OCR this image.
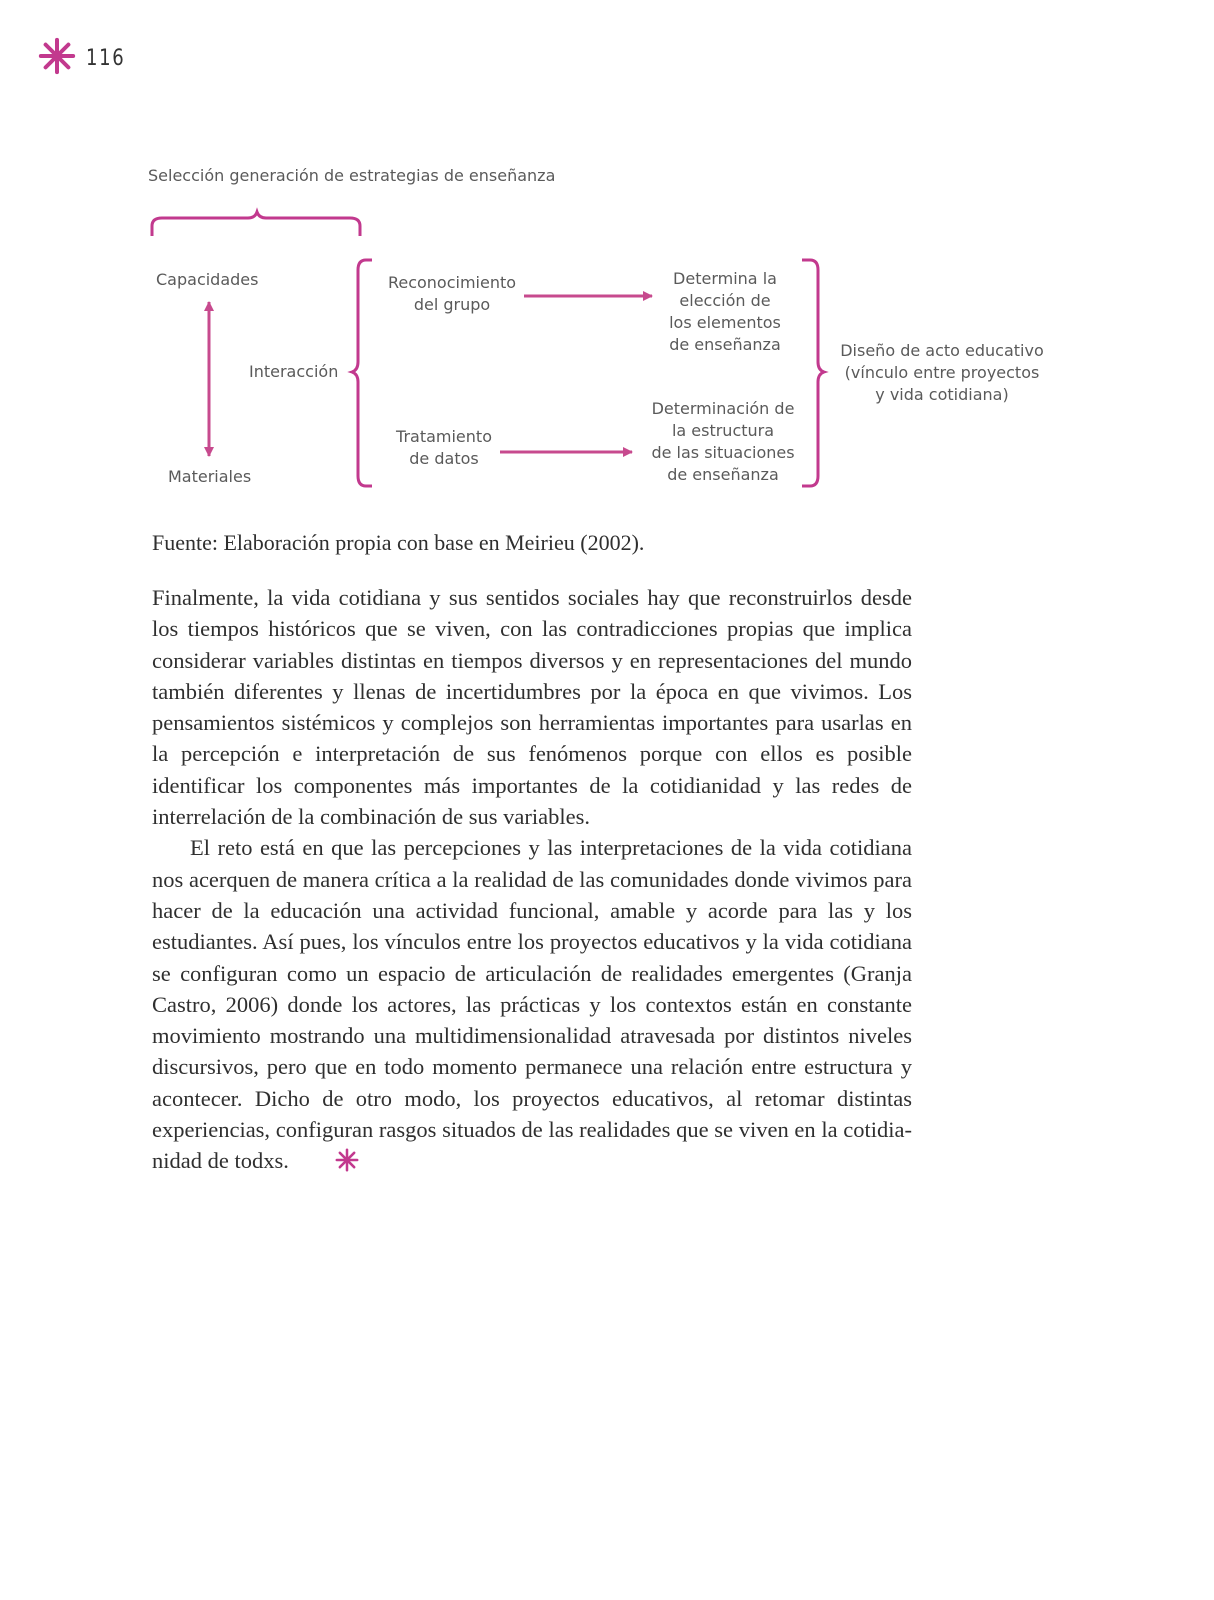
116
Selección generación de estrategias de enseñanza
Capacidades
Interacción
Materiales
Reconocimiento
del grupo
Tratamiento
de datos
Determina la
elección de
los elementos
de enseñanza
Determinación de
la estructura
de las situaciones
de enseñanza
Diseño de acto educativo
(vínculo entre proyectos
y vida cotidiana)
Fuente: Elaboración propia con base en Meirieu (2002).

Finalmente, la vida cotidiana y sus sentidos sociales hay que reconstruirlos desde los tiempos históricos que se viven, con las contradicciones propias que implica considerar variables distintas en tiempos diversos y en representaciones del mundo también diferentes y llenas de incertidumbres por la época en que vivimos. Los pensamientos sistémicos y complejos son herramientas importantes para usarlas en la percepción e interpretación de sus fenómenos porque con ellos es posible identificar los componentes más importantes de la cotidianidad y las redes de interrelación de la combinación de sus variables.

El reto está en que las percepciones y las interpretaciones de la vida cotidiana nos acerquen de manera crítica a la realidad de las comunidades donde vivimos para hacer de la educación una actividad funcional, amable y acorde para las y los estudiantes. Así pues, los vínculos entre los proyectos educativos y la vida cotidiana se configuran como un espacio de articulación de realidades emergentes (Granja Castro, 2006) donde los actores, las prácticas y los contextos están en constante movimiento mostrando una multidimensionalidad atravesada por distintos niveles discursivos, pero que en todo momento permanece una relación entre estructura y acontecer. Dicho de otro modo, los proyectos educativos, al retomar distintas experiencias, configuran rasgos situados de las realidades que se viven en la cotidianidad de todxs.
